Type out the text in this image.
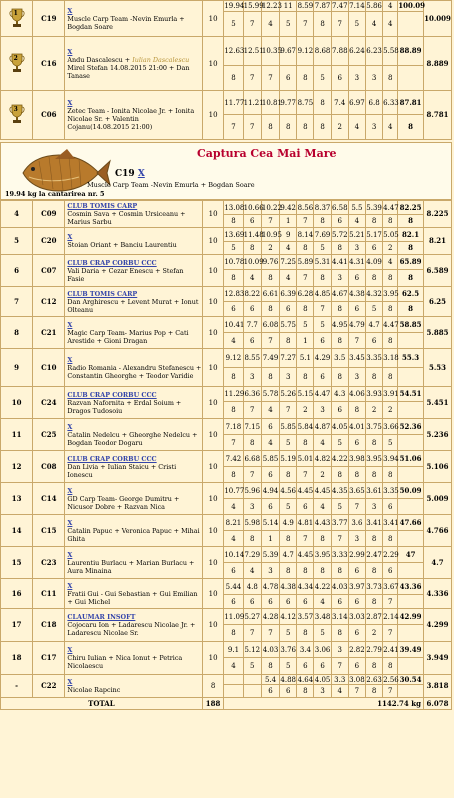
1	C19	X
Muscle Carp Team -Nevin Emurla + Bogdan Soare	10	19.94	15.99	12.23	11	8.59	7.87	7.47	7.14	5.86	4	100.09	10.009
				5	7	4	5	7	8	7	5	4	4		

2	C16	X
Andu Dascalescu + Iulian Dascalescu Mirel Stefan 14.08.2015 21:00 + Dan Tanase	10	12.63	12.51	10.35	9.67	9.12	8.68	7.88	6.24	6.23	5.58	88.89	8.889
				8	7	7	6	8	5	6	3	3	8		

3	C06	X
Zetec Team - Ionita Nicolae Jr. + Ionita Nicolae Sr. + Valentin Cojanu(14.08.2015 21:00)	10	11.77	11.21	10.81	9.77	8.75	8	7.4	6.97	6.8	6.33	87.81	8.781
				7	7	8	8	8	8	2	4	3	4	8	
Captura Cea Mai Mare
C19 X
Muscle Carp Team -Nevin Emurla + Bogdan Soare
19.94 kg la cantarirea nr. 5
4	C09	CLUB TOMIS CARP
Cosmin Sava + Cosmin Ursiceanu + Marius Sarbu	10	13.08	10.66	10.22	9.42	8.56	8.37	6.58	5.5	5.39	4.47	82.25	8.225
				8	6	7	1	7	8	6	4	8	8	8	
5	C20	X
Stoian Oriant + Banciu Laurentiu	10	13.69	11.48	10.95	9	8.14	7.69	5.72	5.21	5.17	5.05	82.1	8.21
				5	8	2	4	8	5	8	3	6	2	8	
6	C07	CLUB CRAP CORBU CCC
Vali Daria + Cezar Enescu + Stefan Fasie	10	10.78	10.09	9.76	7.25	5.89	5.31	4.41	4.31	4.09	4	65.89	6.589
				8	4	8	4	7	8	3	6	8	8	8	
7	C12	CLUB TOMIS CARP
Dan Arghirescu + Levent Murat + Ionut Olteanu	10	12.83	8.22	6.61	6.39	6.28	4.85	4.67	4.38	4.32	3.95	62.5	6.25
				6	6	8	6	8	7	8	6	5	8	8	
8	C21	X
Magic Carp Team- Marius Pop + Cati Arestide + Gioni Dragan	10	10.41	7.7	6.08	5.75	5	5	4.95	4.79	4.7	4.47	58.85	5.885
				4	6	7	8	1	6	8	7	6	8		
9	C10	X
Radio Romania - Alexandru Stefanescu + Constantin Gheorghe + Teodor Varidie	10	9.12	8.55	7.49	7.27	5.1	4.29	3.5	3.45	3.35	3.18	55.3	5.53
				8	3	8	3	8	6	8	3	8	8		
10	C24	CLUB CRAP CORBU CCC
Razvan Nafornita + Erdal Soium + Dragos Tudosoiu	10	11.29	6.36	5.78	5.26	5.15	4.47	4.3	4.06	3.93	3.91	54.51	5.451
				8	7	4	7	2	3	6	8	2	2		
11	C25	X
Catalin Nedelcu + Gheorghe Nedelcu + Bogdan Teodor Dogaru	10	7.18	7.15	6	5.85	5.84	4.87	4.05	4.01	3.75	3.66	52.36	5.236
				7	8	4	5	8	4	5	6	8	5		
12	C08	CLUB CRAP CORBU CCC
Dan Livia + Iulian Staicu + Cristi Ionescu	10	7.42	6.68	5.85	5.19	5.01	4.82	4.22	3.98	3.95	3.94	51.06	5.106
				8	7	6	8	7	2	8	8	8	8		
13	C14	X
GD Carp Team- George Dumitru + Nicusor Dobre + Razvan Nica	10	10.77	5.96	4.94	4.56	4.45	4.45	4.35	3.65	3.61	3.35	50.09	5.009
				4	3	6	5	6	4	5	7	3	6		
14	C15	X
Catalin Papuc + Veronica Papuc + Mihai Ghita	10	8.21	5.98	5.14	4.9	4.81	4.43	3.77	3.6	3.41	3.41	47.66	4.766
				4	8	1	8	7	8	7	3	8	8		
15	C23	X
Laurentiu Burlacu + Marian Burlacu + Aura Minaina	10	10.14	7.29	5.39	4.7	4.45	3.95	3.33	2.99	2.47	2.29	47	4.7
				6	4	3	8	8	8	8	6	8	6		
16	C11	X
Fratii Gui - Gui Sebastian + Gui Emilian + Gui Michel	10	5.44	4.8	4.78	4.38	4.34	4.22	4.03	3.97	3.73	3.67	43.36	4.336
				6	6	6	6	6	4	6	6	8	7		
17	C18	CLAUMAR INSOFT
Cojocaru Ion + Ladarescu Nicolae Jr. + Ladarescu Nicolae Sr.	10	11.09	5.27	4.28	4.12	3.57	3.48	3.14	3.03	2.87	2.14	42.99	4.299
				8	7	7	5	8	5	8	6	2	7		
18	C17	X
Chiru Iulian + Nica Ionut + Petrica Nicolaescu	10	9.1	5.12	4.03	3.76	3.4	3.06	3	2.82	2.79	2.41	39.49	3.949
				4	5	8	5	6	6	7	6	8	8		
-	C22	X
Nicolae Rapcinc	8			5.4	4.88	4.64	4.05	3.3	3.08	2.63	2.56	30.54	3.818
						6	6	8	3	4	7	8	7		
TOTAL			188	1142.74 kg											6.078
